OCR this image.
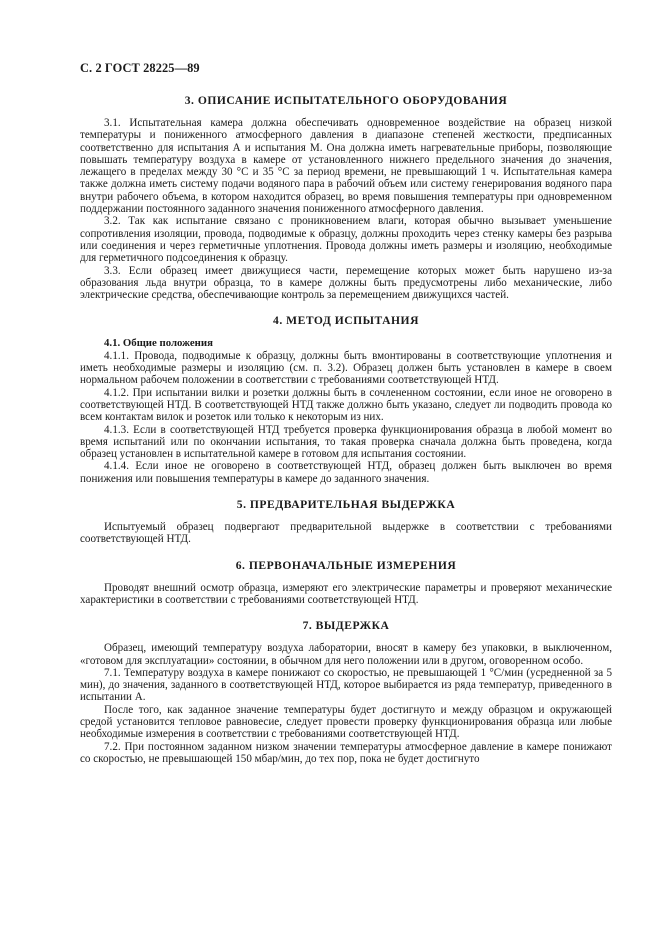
С. 2 ГОСТ 28225—89
3. ОПИСАНИЕ ИСПЫТАТЕЛЬНОГО ОБОРУДОВАНИЯ

3.1. Испытательная камера должна обеспечивать одновременное воздействие на образец низкой температуры и пониженного атмосферного давления в диапазоне степеней жесткости, предписанных соответственно для испытания А и испытания М. Она должна иметь нагревательные приборы, позволяющие повышать температуру воздуха в камере от установленного нижнего предельного значения до значения, лежащего в пределах между 30 °С и 35 °С за период времени, не превышающий 1 ч. Испытательная камера также должна иметь систему подачи водяного пара в рабочий объем или систему генерирования водяного пара внутри рабочего объема, в котором находится образец, во время повышения температуры при одновременном поддержании постоянного заданного значения пониженного атмосферного давления.

3.2. Так как испытание связано с проникновением влаги, которая обычно вызывает уменьшение сопротивления изоляции, провода, подводимые к образцу, должны проходить через стенку камеры без разрыва или соединения и через герметичные уплотнения. Провода должны иметь размеры и изоляцию, необходимые для герметичного подсоединения к образцу.

3.3. Если образец имеет движущиеся части, перемещение которых может быть нарушено из-за образования льда внутри образца, то в камере должны быть предусмотрены либо механические, либо электрические средства, обеспечивающие контроль за перемещением движущихся частей.

4. МЕТОД ИСПЫТАНИЯ
4.1. Общие положения

4.1.1. Провода, подводимые к образцу, должны быть вмонтированы в соответствующие уплотнения и иметь необходимые размеры и изоляцию (см. п. 3.2). Образец должен быть установлен в камере в своем нормальном рабочем положении в соответствии с требованиями соответствующей НТД.

4.1.2. При испытании вилки и розетки должны быть в сочлененном состоянии, если иное не оговорено в соответствующей НТД. В соответствующей НТД также должно быть указано, следует ли подводить провода ко всем контактам вилок и розеток или только к некоторым из них.

4.1.3. Если в соответствующей НТД требуется проверка функционирования образца в любой момент во время испытаний или по окончании испытания, то такая проверка сначала должна быть проведена, когда образец установлен в испытательной камере в готовом для испытания состоянии.

4.1.4. Если иное не оговорено в соответствующей НТД, образец должен быть выключен во время понижения или повышения температуры в камере до заданного значения.

5. ПРЕДВАРИТЕЛЬНАЯ ВЫДЕРЖКА

Испытуемый образец подвергают предварительной выдержке в соответствии с требованиями соответствующей НТД.

6. ПЕРВОНАЧАЛЬНЫЕ ИЗМЕРЕНИЯ

Проводят внешний осмотр образца, измеряют его электрические параметры и проверяют механические характеристики в соответствии с требованиями соответствующей НТД.

7. ВЫДЕРЖКА

Образец, имеющий температуру воздуха лаборатории, вносят в камеру без упаковки, в выключенном, «готовом для эксплуатации» состоянии, в обычном для него положении или в другом, оговоренном особо.

7.1. Температуру воздуха в камере понижают со скоростью, не превышающей 1 °С/мин (усредненной за 5 мин), до значения, заданного в соответствующей НТД, которое выбирается из ряда температур, приведенного в испытании А.

После того, как заданное значение температуры будет достигнуто и между образцом и окружающей средой установится тепловое равновесие, следует провести проверку функционирования образца или любые необходимые измерения в соответствии с требованиями соответствующей НТД.

7.2. При постоянном заданном низком значении температуры атмосферное давление в камере понижают со скоростью, не превышающей 150 мбар/мин, до тех пор, пока не будет достигнуто
